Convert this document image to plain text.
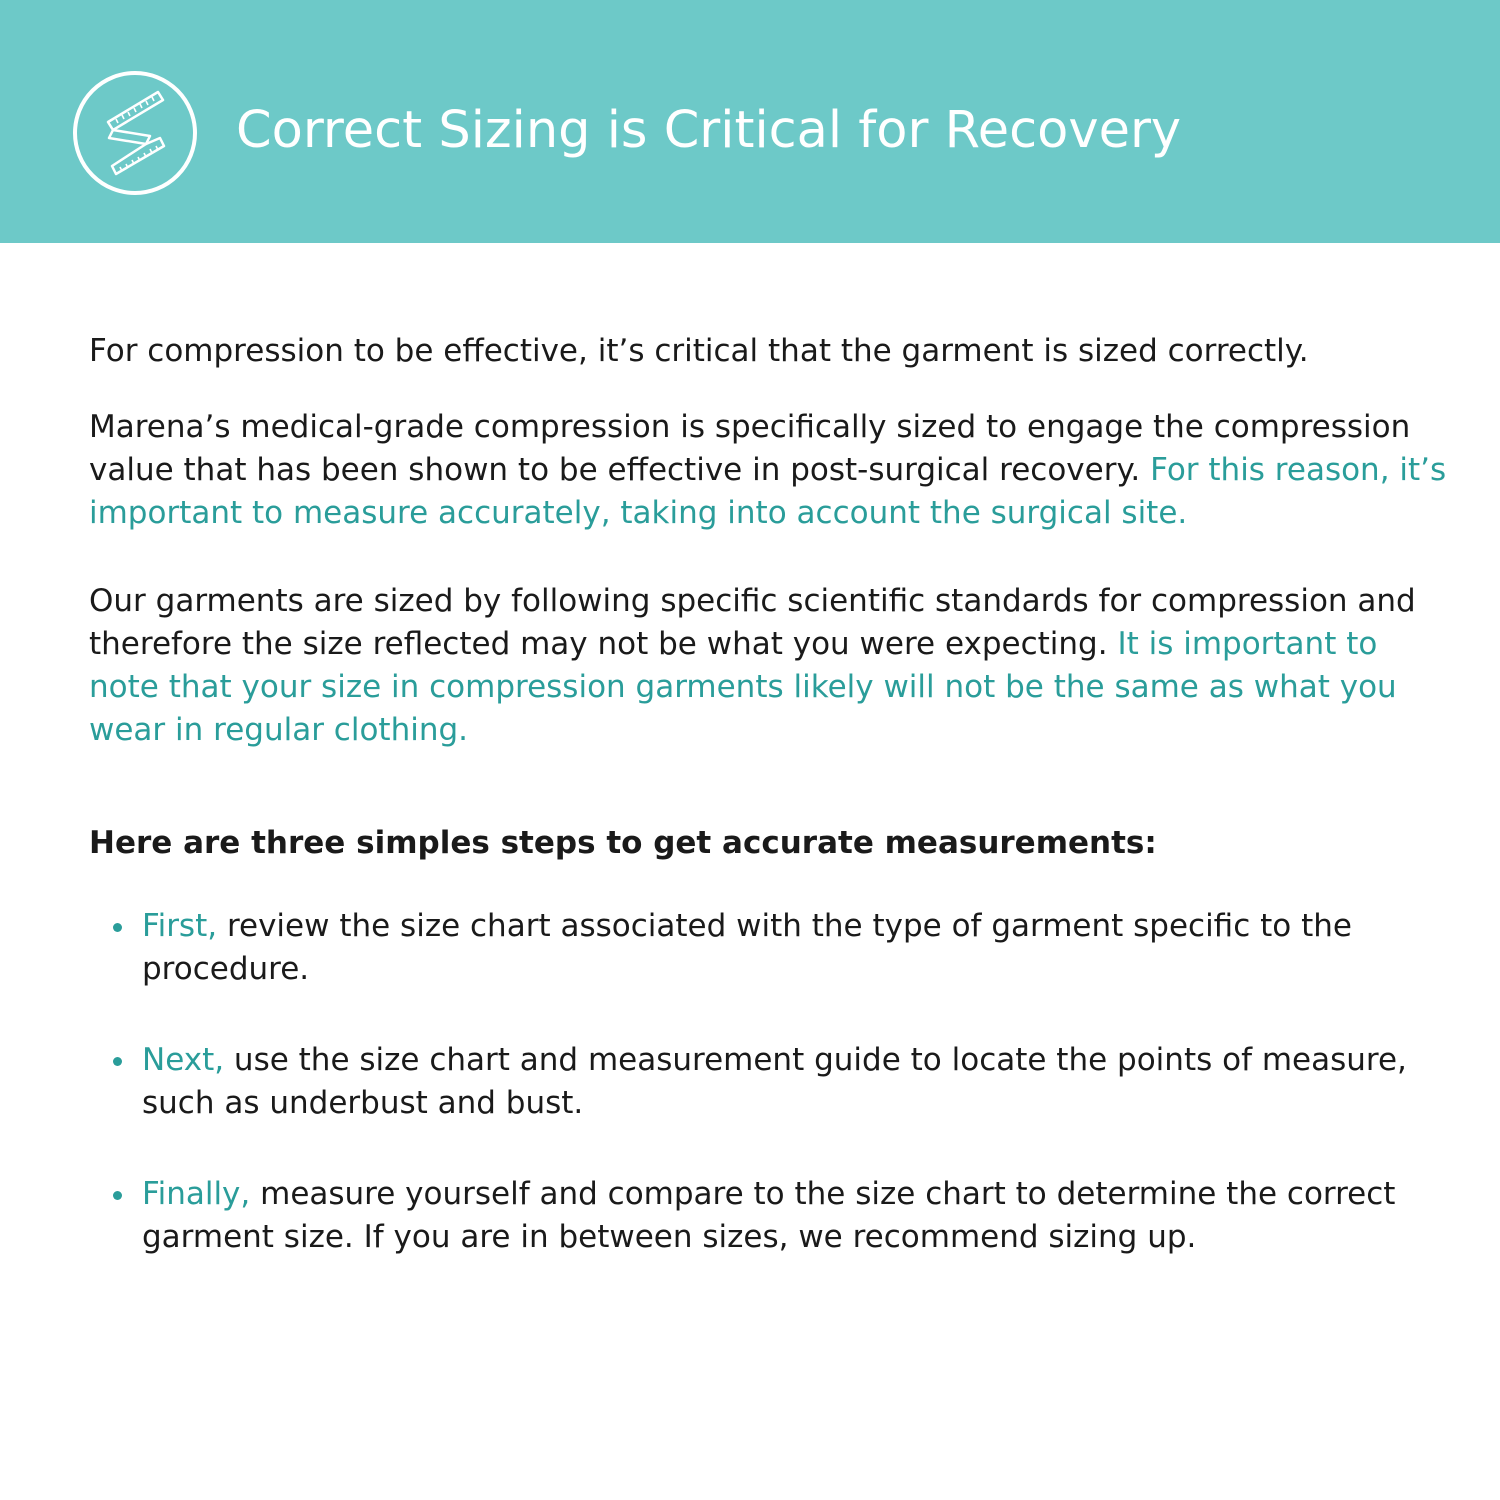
Correct Sizing is Critical for Recovery

For compression to be effective, it’s critical that the garment is sized correctly.

Marena’s medical-grade compression is specifically sized to engage the compression value that has been shown to be effective in post-surgical recovery. For this reason, it’s important to measure accurately, taking into account the surgical site.

Our garments are sized by following specific scientific standards for compression and therefore the size reflected may not be what you were expecting. It is important to note that your size in compression garments likely will not be the same as what you wear in regular clothing.

Here are three simples steps to get accurate measurements:
First, review the size chart associated with the type of garment specific to the procedure.
Next, use the size chart and measurement guide to locate the points of measure, such as underbust and bust.
Finally, measure yourself and compare to the size chart to determine the correct garment size. If you are in between sizes, we recommend sizing up.
